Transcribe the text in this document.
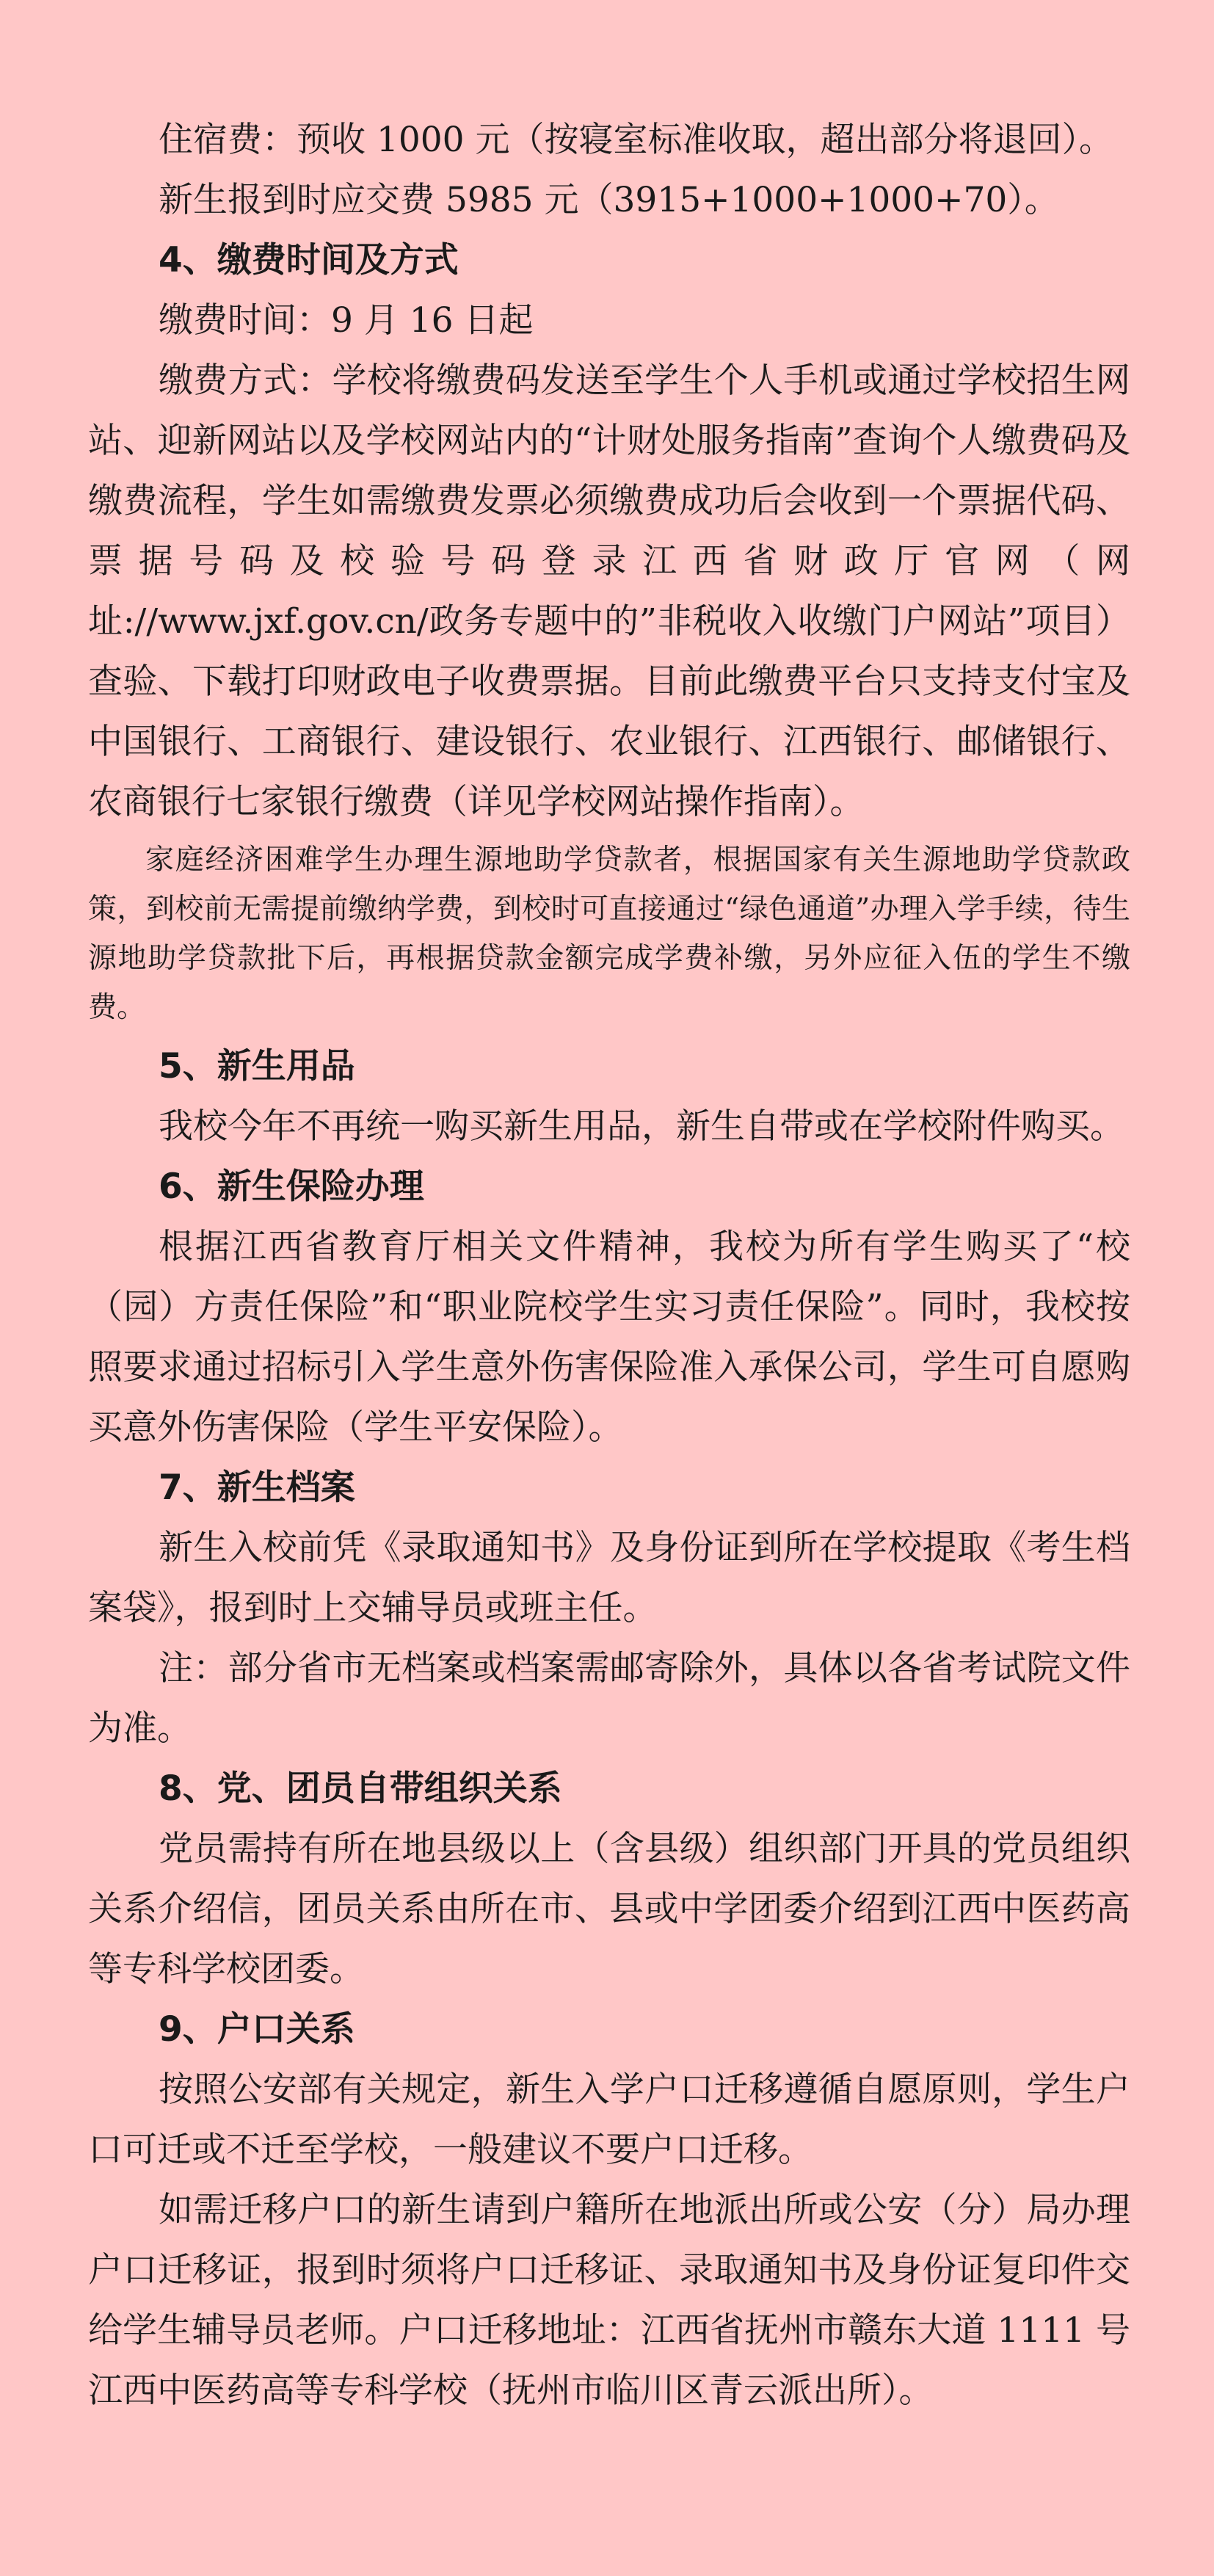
住宿费：预收 1000 元（按寝室标准收取，超出部分将退回）。

新生报到时应交费 5985 元（3915+1000+1000+70）。

4、缴费时间及方式

缴费时间：9 月 16 日起

缴费方式：学校将缴费码发送至学生个人手机或通过学校招生网站、迎新网站以及学校网站内的“计财处服务指南”查询个人缴费码及缴费流程，学生如需缴费发票必须缴费成功后会收到一个票据代码、票据号码及校验号码登录江西省财政厅官网（网址://www.jxf.gov.cn/政务专题中的”非税收入收缴门户网站”项目）查验、下载打印财政电子收费票据。目前此缴费平台只支持支付宝及中国银行、工商银行、建设银行、农业银行、江西银行、邮储银行、农商银行七家银行缴费（详见学校网站操作指南）。

家庭经济困难学生办理生源地助学贷款者，根据国家有关生源地助学贷款政策，到校前无需提前缴纳学费，到校时可直接通过“绿色通道”办理入学手续，待生源地助学贷款批下后，再根据贷款金额完成学费补缴，另外应征入伍的学生不缴费。

5、新生用品

我校今年不再统一购买新生用品，新生自带或在学校附件购买。

6、新生保险办理

根据江西省教育厅相关文件精神，我校为所有学生购买了“校（园）方责任保险”和“职业院校学生实习责任保险”。同时，我校按照要求通过招标引入学生意外伤害保险准入承保公司，学生可自愿购买意外伤害保险（学生平安保险）。

7、新生档案

新生入校前凭《录取通知书》及身份证到所在学校提取《考生档案袋》，报到时上交辅导员或班主任。

注：部分省市无档案或档案需邮寄除外，具体以各省考试院文件为准。

8、党、团员自带组织关系

党员需持有所在地县级以上（含县级）组织部门开具的党员组织关系介绍信，团员关系由所在市、县或中学团委介绍到江西中医药高等专科学校团委。

9、户口关系

按照公安部有关规定，新生入学户口迁移遵循自愿原则，学生户口可迁或不迁至学校，一般建议不要户口迁移。

如需迁移户口的新生请到户籍所在地派出所或公安（分）局办理户口迁移证，报到时须将户口迁移证、录取通知书及身份证复印件交给学生辅导员老师。户口迁移地址：江西省抚州市赣东大道 1111 号江西中医药高等专科学校（抚州市临川区青云派出所）。
